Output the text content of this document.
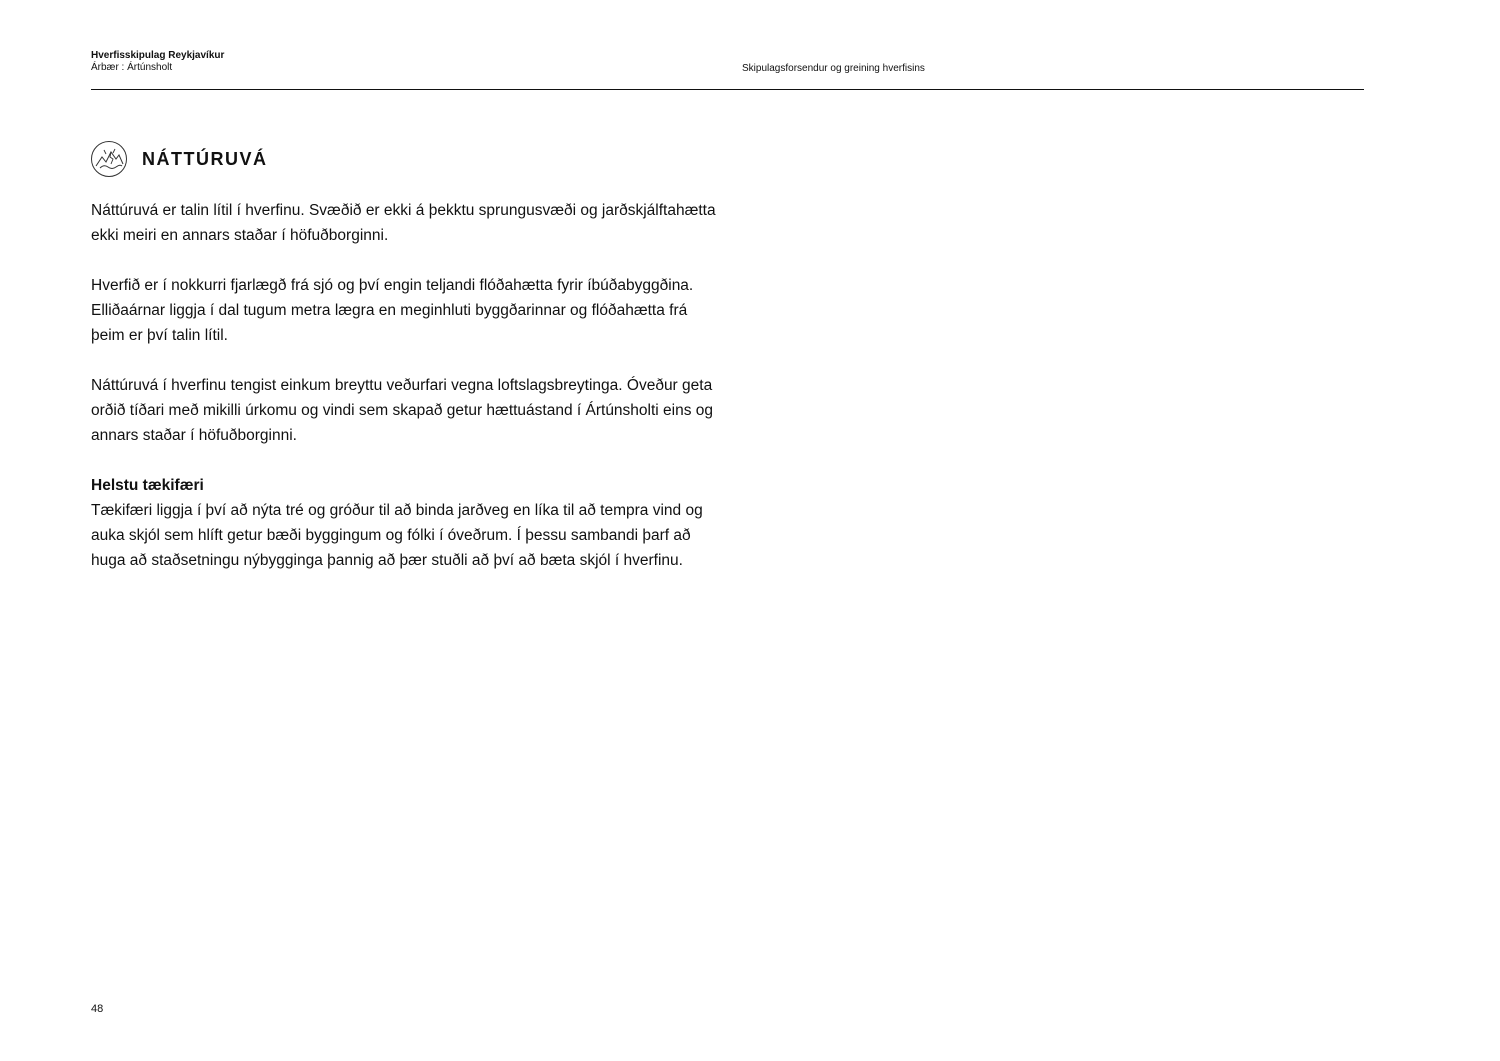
Hverfisskipulag Reykjavíkur
Árbær : Ártúnsholt	Skipulagsforsendur og greining hverfisins
NÁTTÚRUVÁ

Náttúruvá er talin lítil í hverfinu. Svæðið er ekki á þekktu sprungusvæði og jarðskjálftahætta ekki meiri en annars staðar í höfuðborginni.

Hverfið er í nokkurri fjarlægð frá sjó og því engin teljandi flóðahætta fyrir íbúðabyggðina. Elliðaárnar liggja í dal tugum metra lægra en meginhluti byggðarinnar og flóðahætta frá þeim er því talin lítil.

Náttúruvá í hverfinu tengist einkum breyttu veðurfari vegna loftslagsbreytinga. Óveður geta orðið tíðari með mikilli úrkomu og vindi sem skapað getur hættuástand í Ártúnsholti eins og annars staðar í höfuðborginni.

Helstu tækifæri

Tækifæri liggja í því að nýta tré og gróður til að binda jarðveg en líka til að tempra vind og auka skjól sem hlíft getur bæði byggingum og fólki í óveðrum. Í þessu sambandi þarf að huga að staðsetningu nýbygginga þannig að þær stuðli að því að bæta skjól í hverfinu.

48
